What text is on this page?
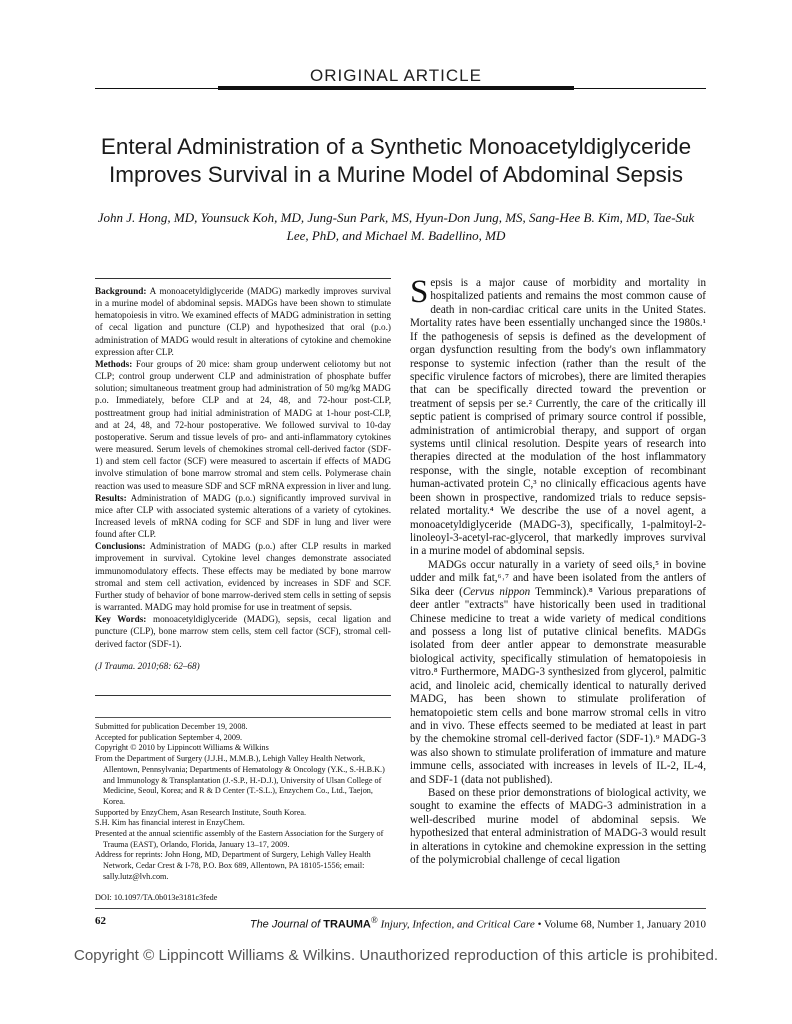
ORIGINAL ARTICLE
Enteral Administration of a Synthetic Monoacetyldiglyceride Improves Survival in a Murine Model of Abdominal Sepsis

John J. Hong, MD, Younsuck Koh, MD, Jung-Sun Park, MS, Hyun-Don Jung, MS, Sang-Hee B. Kim, MD, Tae-Suk Lee, PhD, and Michael M. Badellino, MD

Background: A monoacetyldiglyceride (MADG) markedly improves survival in a murine model of abdominal sepsis. MADGs have been shown to stimulate hematopoiesis in vitro. We examined effects of MADG administration in setting of cecal ligation and puncture (CLP) and hypothesized that oral (p.o.) administration of MADG would result in alterations of cytokine and chemokine expression after CLP.

Methods: Four groups of 20 mice: sham group underwent celiotomy but not CLP; control group underwent CLP and administration of phosphate buffer solution; simultaneous treatment group had administration of 50 mg/kg MADG p.o. Immediately, before CLP and at 24, 48, and 72-hour post-CLP, posttreatment group had initial administration of MADG at 1-hour post-CLP, and at 24, 48, and 72-hour postoperative. We followed survival to 10-day postoperative. Serum and tissue levels of pro- and anti-inflammatory cytokines were measured. Serum levels of chemokines stromal cell-derived factor (SDF-1) and stem cell factor (SCF) were measured to ascertain if effects of MADG involve stimulation of bone marrow stromal and stem cells. Polymerase chain reaction was used to measure SDF and SCF mRNA expression in liver and lung.

Results: Administration of MADG (p.o.) significantly improved survival in mice after CLP with associated systemic alterations of a variety of cytokines. Increased levels of mRNA coding for SCF and SDF in lung and liver were found after CLP.

Conclusions: Administration of MADG (p.o.) after CLP results in marked improvement in survival. Cytokine level changes demonstrate associated immunomodulatory effects. These effects may be mediated by bone marrow stromal and stem cell activation, evidenced by increases in SDF and SCF. Further study of behavior of bone marrow-derived stem cells in setting of sepsis is warranted. MADG may hold promise for use in treatment of sepsis.

Key Words: monoacetyldiglyceride (MADG), sepsis, cecal ligation and puncture (CLP), bone marrow stem cells, stem cell factor (SCF), stromal cell-derived factor (SDF-1).

(J Trauma. 2010;68: 62–68)

Submitted for publication December 19, 2008.

Accepted for publication September 4, 2009.

Copyright © 2010 by Lippincott Williams & Wilkins

From the Department of Surgery (J.J.H., M.M.B.), Lehigh Valley Health Network, Allentown, Pennsylvania; Departments of Hematology & Oncology (Y.K., S.-H.B.K.) and Immunology & Transplantation (J.-S.P., H.-D.J.), University of Ulsan College of Medicine, Seoul, Korea; and R & D Center (T.-S.L.), Enzychem Co., Ltd., Taejon, Korea.

Supported by EnzyChem, Asan Research Institute, South Korea.

S.H. Kim has financial interest in EnzyChem.

Presented at the annual scientific assembly of the Eastern Association for the Surgery of Trauma (EAST), Orlando, Florida, January 13–17, 2009.

Address for reprints: John Hong, MD, Department of Surgery, Lehigh Valley Health Network, Cedar Crest & I-78, P.O. Box 689, Allentown, PA 18105-1556; email: sally.lutz@lvh.com.

DOI: 10.1097/TA.0b013e3181c3fede

Sepsis is a major cause of morbidity and mortality in hospitalized patients and remains the most common cause of death in non-cardiac critical care units in the United States. Mortality rates have been essentially unchanged since the 1980s.¹ If the pathogenesis of sepsis is defined as the development of organ dysfunction resulting from the body's own inflammatory response to systemic infection (rather than the result of the specific virulence factors of microbes), there are limited therapies that can be specifically directed toward the prevention or treatment of sepsis per se.² Currently, the care of the critically ill septic patient is comprised of primary source control if possible, administration of antimicrobial therapy, and support of organ systems until clinical resolution. Despite years of research into therapies directed at the modulation of the host inflammatory response, with the single, notable exception of recombinant human-activated protein C,³ no clinically efficacious agents have been shown in prospective, randomized trials to reduce sepsis-related mortality.⁴ We describe the use of a novel agent, a monoacetyldiglyceride (MADG-3), specifically, 1-palmitoyl-2-linoleoyl-3-acetyl-rac-glycerol, that markedly improves survival in a murine model of abdominal sepsis.

MADGs occur naturally in a variety of seed oils,⁵ in bovine udder and milk fat,⁶˒⁷ and have been isolated from the antlers of Sika deer (Cervus nippon Temminck).⁸ Various preparations of deer antler "extracts" have historically been used in traditional Chinese medicine to treat a wide variety of medical conditions and possess a long list of putative clinical benefits. MADGs isolated from deer antler appear to demonstrate measurable biological activity, specifically stimulation of hematopoiesis in vitro.⁸ Furthermore, MADG-3 synthesized from glycerol, palmitic acid, and linoleic acid, chemically identical to naturally derived MADG, has been shown to stimulate proliferation of hematopoietic stem cells and bone marrow stromal cells in vitro and in vivo. These effects seemed to be mediated at least in part by the chemokine stromal cell-derived factor (SDF-1).⁹ MADG-3 was also shown to stimulate proliferation of immature and mature immune cells, associated with increases in levels of IL-2, IL-4, and SDF-1 (data not published).

Based on these prior demonstrations of biological activity, we sought to examine the effects of MADG-3 administration in a well-described murine model of abdominal sepsis. We hypothesized that enteral administration of MADG-3 would result in alterations in cytokine and chemokine expression in the setting of the polymicrobial challenge of cecal ligation

62	The Journal of TRAUMA® Injury, Infection, and Critical Care • Volume 68, Number 1, January 2010
Copyright © Lippincott Williams & Wilkins. Unauthorized reproduction of this article is prohibited.
